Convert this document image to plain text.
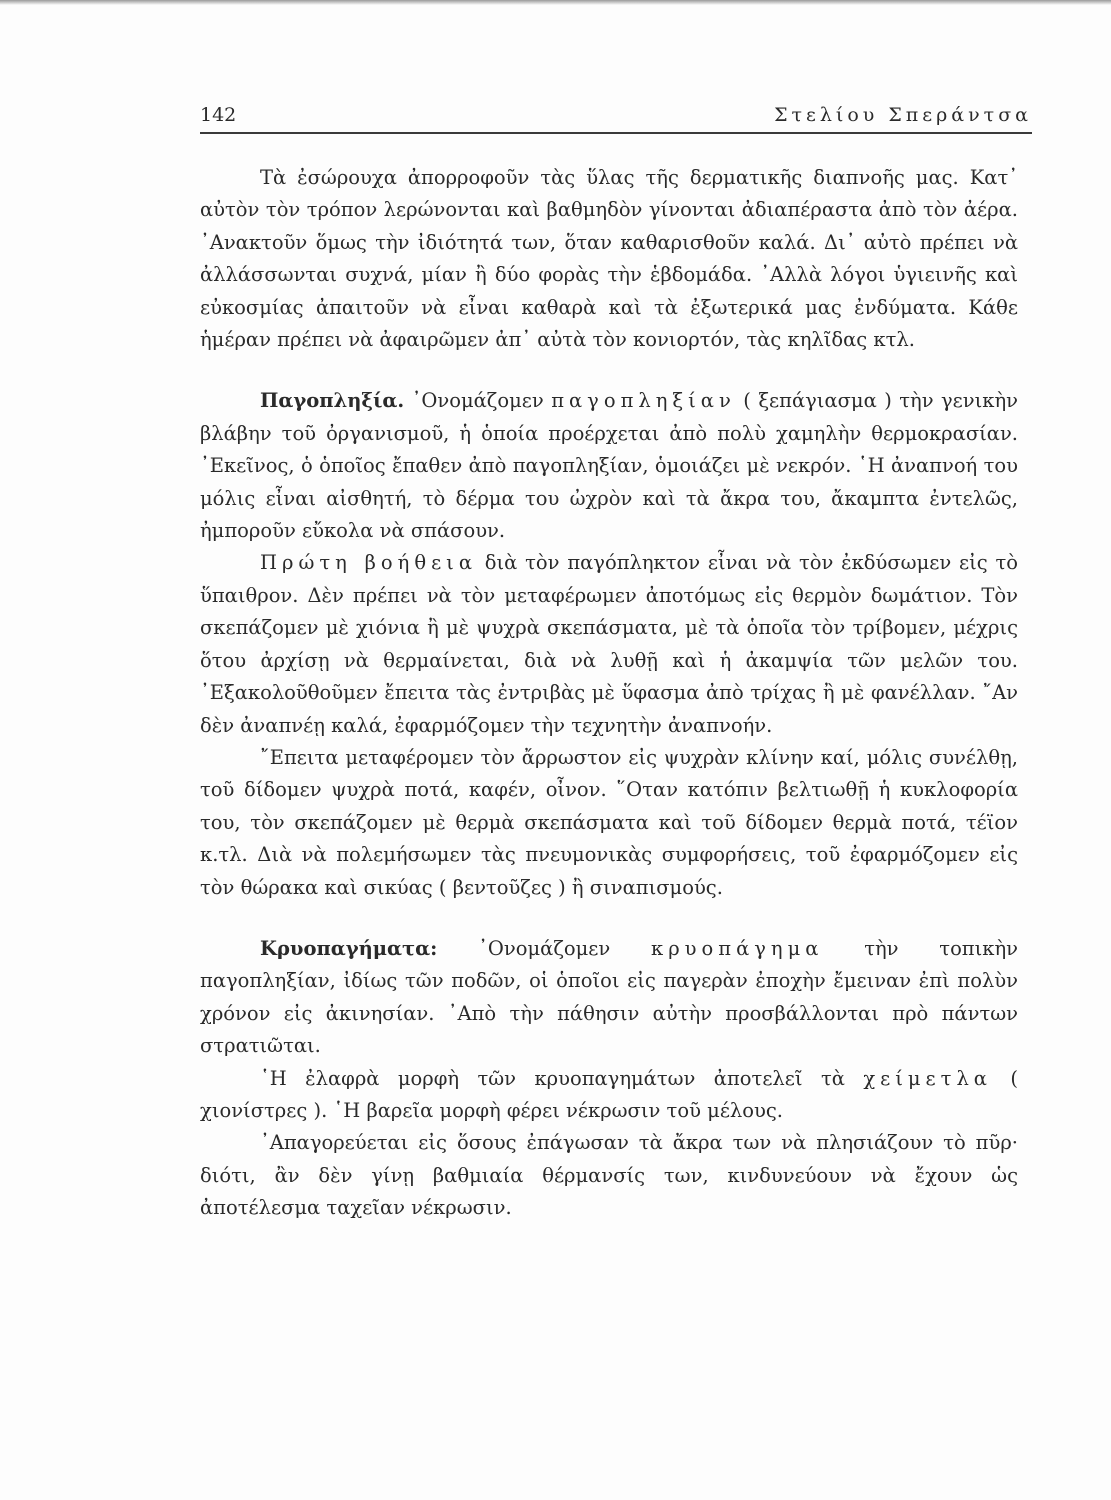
142	Στελίου Σπεράντσα

Τὰ ἐσώρουχα ἀπορροφοῦν τὰς ὕλας τῆς δερματικῆς διαπνοῆς μας. Κατ᾽ αὐτὸν τὸν τρόπον λερώνονται καὶ βαθμηδὸν γίνονται ἀδιαπέραστα ἀπὸ τὸν ἀέρα. ᾽Ανακτοῦν ὅμως τὴν ἰδιότητά των, ὅταν καθαρισθοῦν καλά. Δι᾽ αὐτὸ πρέπει νὰ ἀλλάσσωνται συχνά, μίαν ἢ δύο φορὰς τὴν ἑβδομάδα. ᾽Αλλὰ λόγοι ὑγιεινῆς καὶ εὐκοσμίας ἀπαιτοῦν νὰ εἶναι καθαρὰ καὶ τὰ ἐξωτερικά μας ἐνδύματα. Κάθε ἡμέραν πρέπει νὰ ἀφαιρῶμεν ἀπ᾽ αὐτὰ τὸν κονιορτόν, τὰς κηλῖδας κτλ.

Παγοπληξία. ᾽Ονομάζομεν παγοπληξίαν ( ξεπάγιασμα ) τὴν γενικὴν βλάβην τοῦ ὀργανισμοῦ, ἡ ὁποία προέρχεται ἀπὸ πολὺ χαμηλὴν θερμοκρασίαν. ᾽Εκεῖνος, ὁ ὁποῖος ἔπαθεν ἀπὸ παγοπληξίαν, ὁμοιάζει μὲ νεκρόν. ῾Η ἀναπνοή του μόλις εἶναι αἰσθητή, τὸ δέρμα του ὠχρὸν καὶ τὰ ἄκρα του, ἄκαμπτα ἐντελῶς, ἠμποροῦν εὔκολα νὰ σπάσουν.

Πρώτη βοήθεια διὰ τὸν παγόπληκτον εἶναι νὰ τὸν ἐκδύσωμεν εἰς τὸ ὕπαιθρον. Δὲν πρέπει νὰ τὸν μεταφέρωμεν ἀποτόμως εἰς θερμὸν δωμάτιον. Τὸν σκεπάζομεν μὲ χιόνια ἢ μὲ ψυχρὰ σκεπάσματα, μὲ τὰ ὁποῖα τὸν τρίβομεν, μέχρις ὅτου ἀρχίσῃ νὰ θερμαίνεται, διὰ νὰ λυθῇ καὶ ἡ ἀκαμψία τῶν μελῶν του. ᾽Εξακολοῦθοῦμεν ἔπειτα τὰς ἐντριβὰς μὲ ὕφασμα ἀπὸ τρίχας ἢ μὲ φανέλλαν. ῎Αν δὲν ἀναπνέῃ καλά, ἐφαρμόζομεν τὴν τεχνητὴν ἀναπνοήν.

῎Επειτα μεταφέρομεν τὸν ἄρρωστον εἰς ψυχρὰν κλίνην καί, μόλις συνέλθῃ, τοῦ δίδομεν ψυχρὰ ποτά, καφέν, οἶνον. ῞Οταν κατόπιν βελτιωθῇ ἡ κυκλοφορία του, τὸν σκεπάζομεν μὲ θερμὰ σκεπάσματα καὶ τοῦ δίδομεν θερμὰ ποτά, τέϊον κ.τλ. Διὰ νὰ πολεμήσωμεν τὰς πνευμονικὰς συμφορήσεις, τοῦ ἐφαρμόζομεν εἰς τὸν θώρακα καὶ σικύας ( βεντοῦζες ) ἢ σιναπισμούς.

Κρυοπαγήματα: ᾽Ονομάζομεν κρυοπάγημα τὴν τοπικὴν παγοπληξίαν, ἰδίως τῶν ποδῶν, οἱ ὁποῖοι εἰς παγερὰν ἐποχὴν ἔμειναν ἐπὶ πολὺν χρόνον εἰς ἀκινησίαν. ᾽Απὸ τὴν πάθησιν αὐτὴν προσβάλλονται πρὸ πάντων στρατιῶται.

῾Η ἐλαφρὰ μορφὴ τῶν κρυοπαγημάτων ἀποτελεῖ τὰ χείμετλα ( χιονίστρες ). ῾Η βαρεῖα μορφὴ φέρει νέκρωσιν τοῦ μέλους.

᾽Απαγορεύεται εἰς ὅσους ἐπάγωσαν τὰ ἄκρα των νὰ πλησιάζουν τὸ πῦρ· διότι, ἂν δὲν γίνῃ βαθμιαία θέρμανσίς των, κινδυνεύουν νὰ ἔχουν ὡς ἀποτέλεσμα ταχεῖαν νέκρωσιν.
